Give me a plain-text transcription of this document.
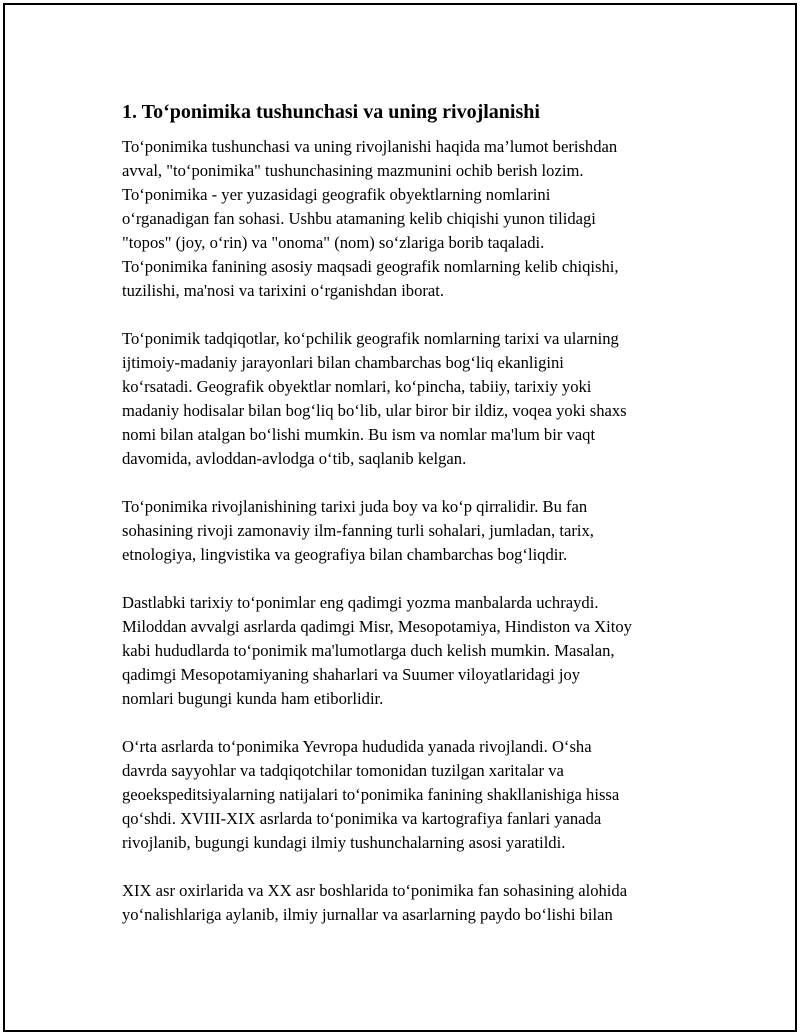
1. To‘ponimika tushunchasi va uning rivojlanishi

To‘ponimika tushunchasi va uning rivojlanishi haqida ma’lumot berishdan
avval, "to‘ponimika" tushunchasining mazmunini ochib berish lozim.
To‘ponimika - yer yuzasidagi geografik obyektlarning nomlarini
o‘rganadigan fan sohasi. Ushbu atamaning kelib chiqishi yunon tilidagi
"topos" (joy, o‘rin) va "onoma" (nom) so‘zlariga borib taqaladi.
To‘ponimika fanining asosiy maqsadi geografik nomlarning kelib chiqishi,
tuzilishi, ma'nosi va tarixini o‘rganishdan iborat.

To‘ponimik tadqiqotlar, ko‘pchilik geografik nomlarning tarixi va ularning
ijtimoiy-madaniy jarayonlari bilan chambarchas bog‘liq ekanligini
ko‘rsatadi. Geografik obyektlar nomlari, ko‘pincha, tabiiy, tarixiy yoki
madaniy hodisalar bilan bog‘liq bo‘lib, ular biror bir ildiz, voqea yoki shaxs
nomi bilan atalgan bo‘lishi mumkin. Bu ism va nomlar ma'lum bir vaqt
davomida, avloddan-avlodga o‘tib, saqlanib kelgan.

To‘ponimika rivojlanishining tarixi juda boy va ko‘p qirralidir. Bu fan
sohasining rivoji zamonaviy ilm-fanning turli sohalari, jumladan, tarix,
etnologiya, lingvistika va geografiya bilan chambarchas bog‘liqdir.

Dastlabki tarixiy to‘ponimlar eng qadimgi yozma manbalarda uchraydi.
Miloddan avvalgi asrlarda qadimgi Misr, Mesopotamiya, Hindiston va Xitoy
kabi hududlarda to‘ponimik ma'lumotlarga duch kelish mumkin. Masalan,
qadimgi Mesopotamiyaning shaharlari va Suumer viloyatlaridagi joy
nomlari bugungi kunda ham etiborlidir.

O‘rta asrlarda to‘ponimika Yevropa hududida yanada rivojlandi. O‘sha
davrda sayyohlar va tadqiqotchilar tomonidan tuzilgan xaritalar va
geoekspeditsiyalarning natijalari to‘ponimika fanining shakllanishiga hissa
qo‘shdi. XVIII-XIX asrlarda to‘ponimika va kartografiya fanlari yanada
rivojlanib, bugungi kundagi ilmiy tushunchalarning asosi yaratildi.

XIX asr oxirlarida va XX asr boshlarida to‘ponimika fan sohasining alohida
yo‘nalishlariga aylanib, ilmiy jurnallar va asarlarning paydo bo‘lishi bilan
